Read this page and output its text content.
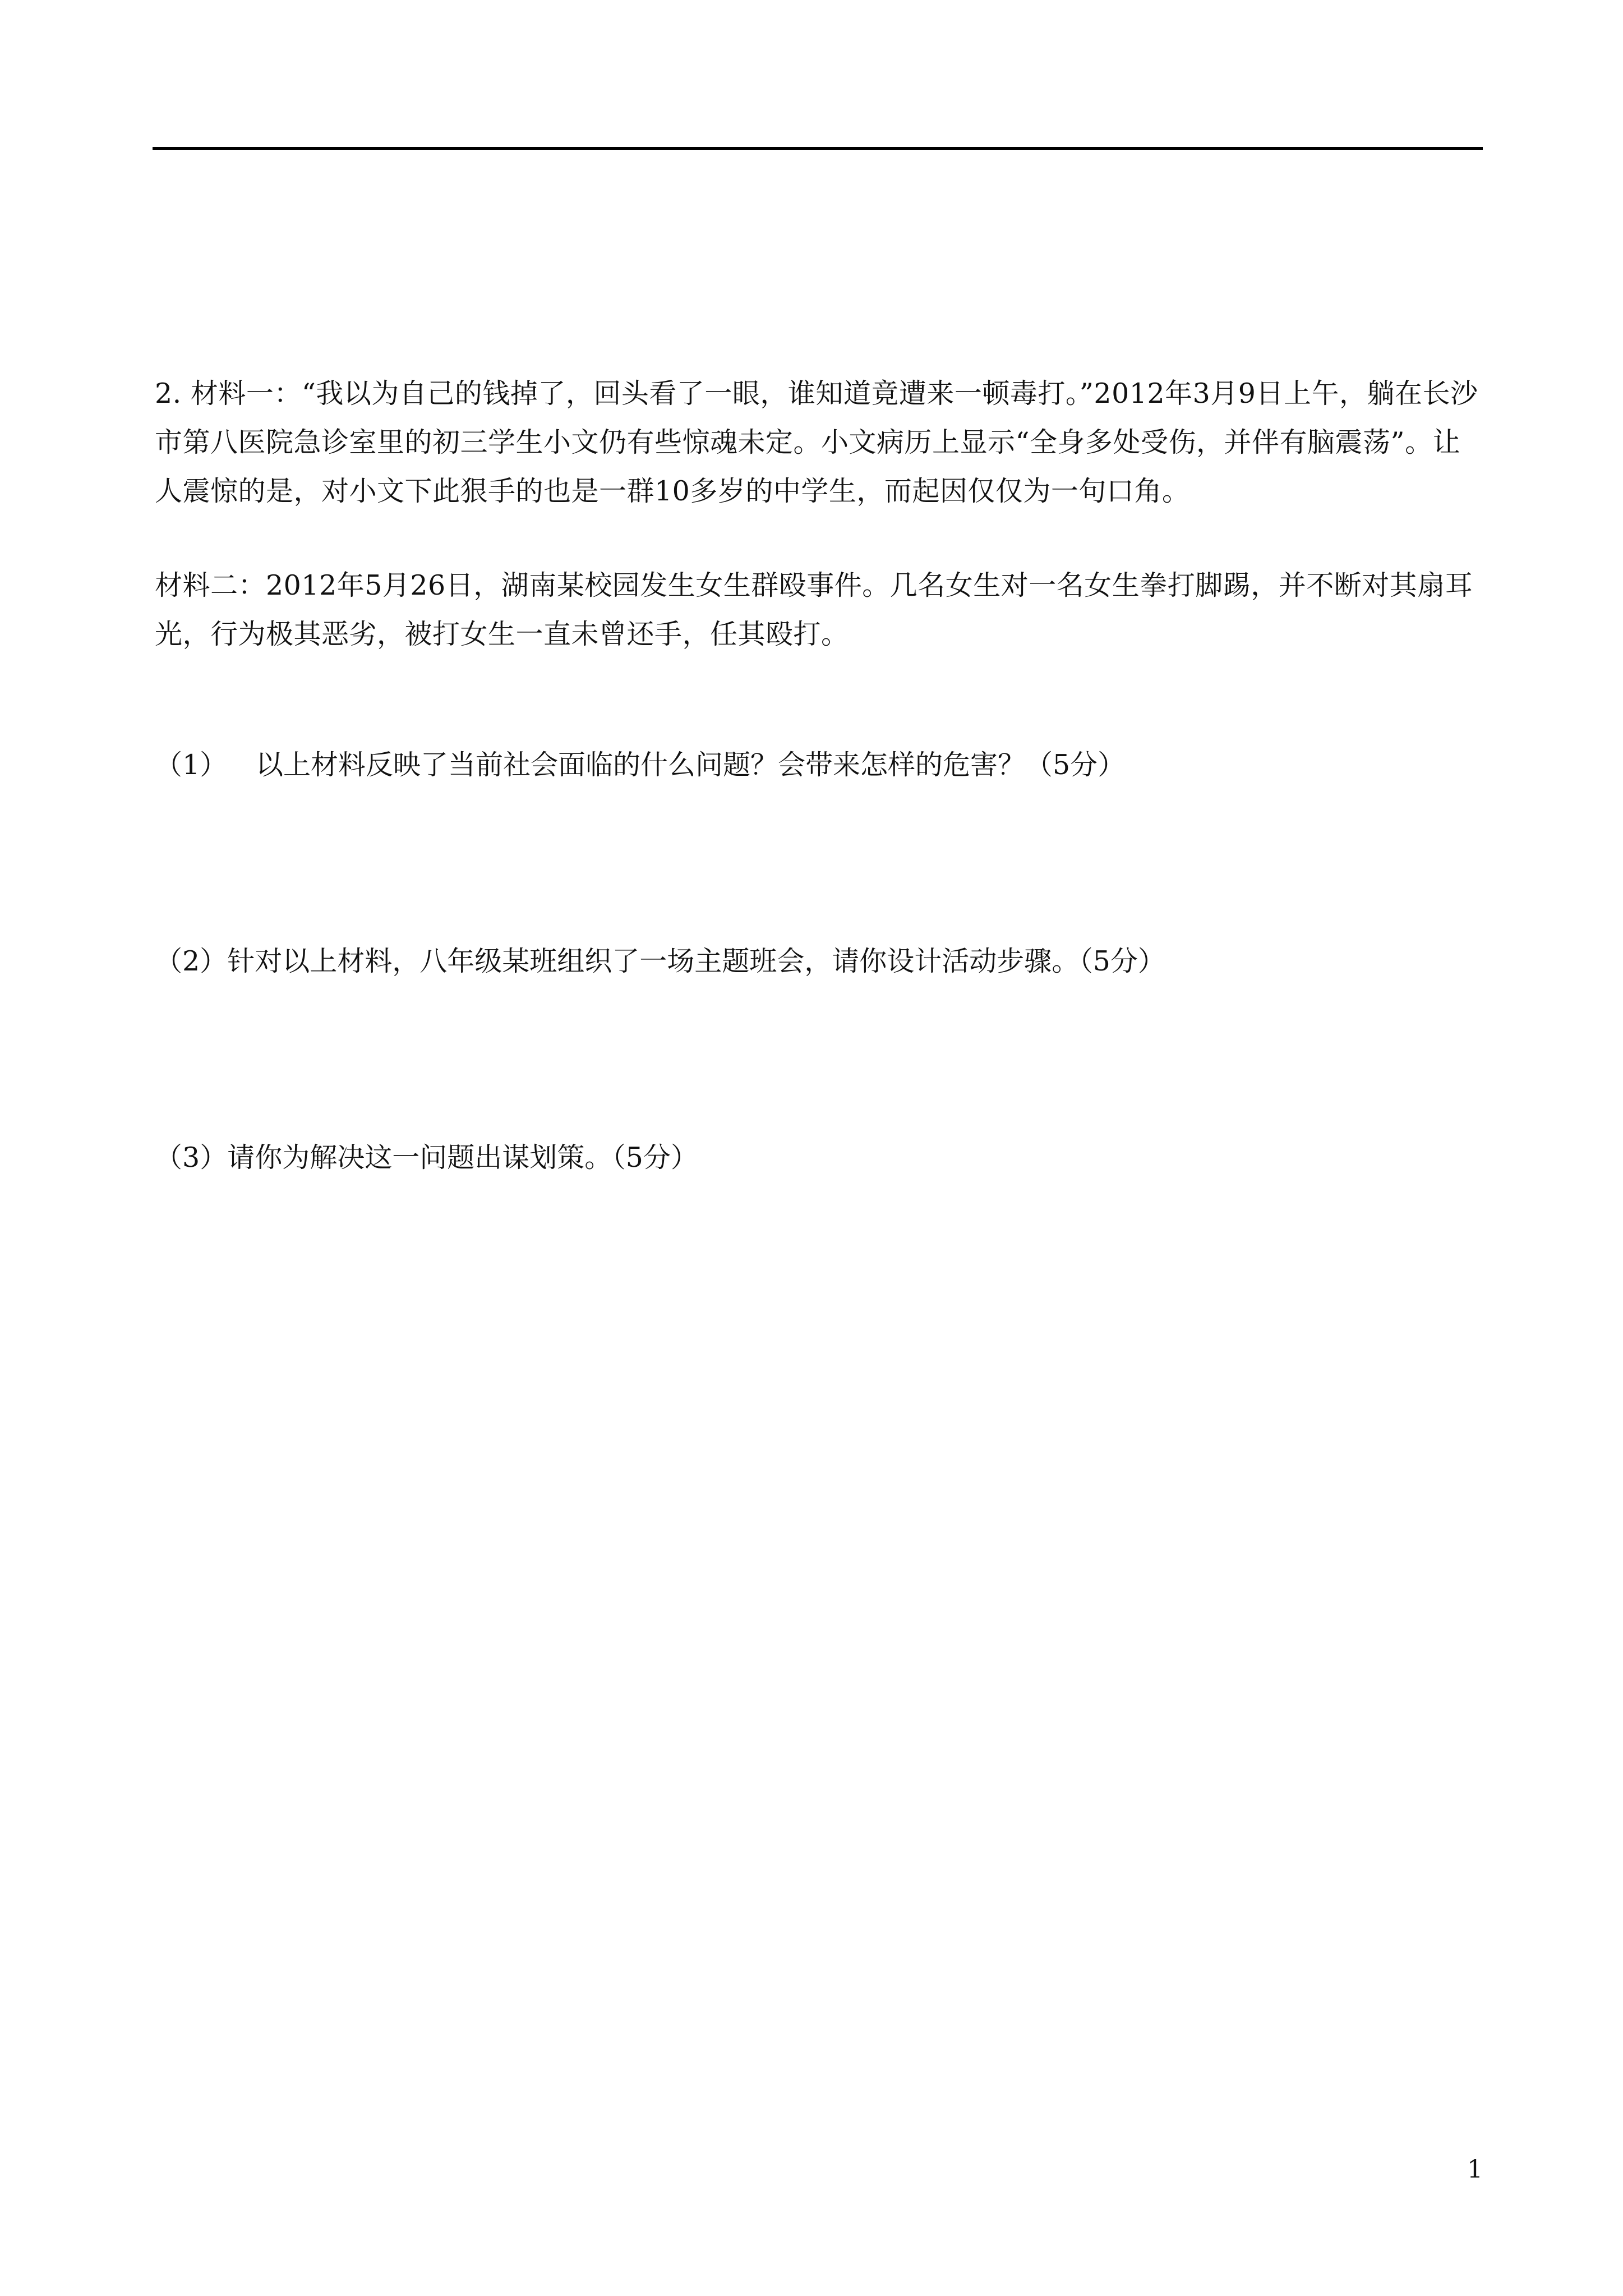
2. 材料一：“我以为自己的钱掉了，回头看了一眼，谁知道竟遭来一顿毒打。”2012年3月9日上午，躺在长沙市第八医院急诊室里的初三学生小文仍有些惊魂未定。小文病历上显示“全身多处受伤，并伴有脑震荡”。让人震惊的是，对小文下此狠手的也是一群10多岁的中学生，而起因仅仅为一句口角。

材料二：2012年5月26日，湖南某校园发生女生群殴事件。几名女生对一名女生拳打脚踢，并不断对其扇耳光，行为极其恶劣，被打女生一直未曾还手，任其殴打。

（1） 以上材料反映了当前社会面临的什么问题？会带来怎样的危害？（5分）
（2）针对以上材料，八年级某班组织了一场主题班会，请你设计活动步骤。（5分）
（3）请你为解决这一问题出谋划策。（5分）
1
